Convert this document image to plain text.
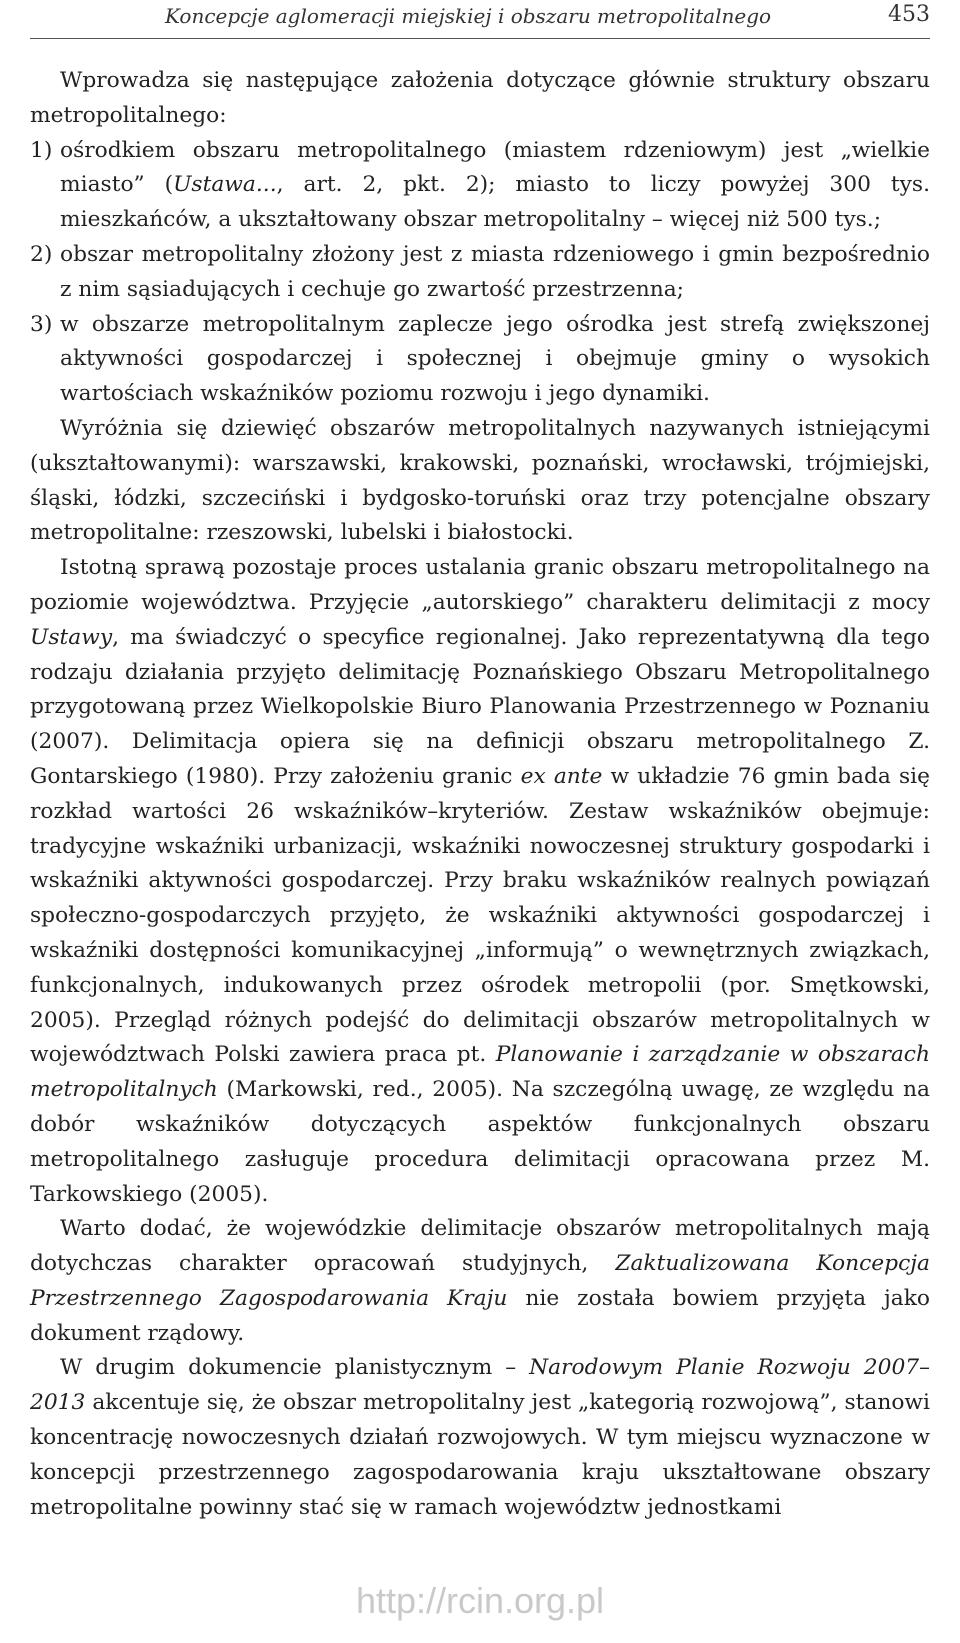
Koncepcje aglomeracji miejskiej i obszaru metropolitalnego	453

Wprowadza się następujące założenia dotyczące głównie struktury obszaru metropolitalnego:

1) ośrodkiem obszaru metropolitalnego (miastem rdzeniowym) jest „wielkie miasto” (Ustawa..., art. 2, pkt. 2); miasto to liczy powyżej 300 tys. mieszkańców, a ukształtowany obszar metropolitalny – więcej niż 500 tys.;
2) obszar metropolitalny złożony jest z miasta rdzeniowego i gmin bezpośrednio z nim sąsiadujących i cechuje go zwartość przestrzenna;
3) w obszarze metropolitalnym zaplecze jego ośrodka jest strefą zwiększonej aktywności gospodarczej i społecznej i obejmuje gminy o wysokich wartościach wskaźników poziomu rozwoju i jego dynamiki.

Wyróżnia się dziewięć obszarów metropolitalnych nazywanych istniejącymi (ukształtowanymi): warszawski, krakowski, poznański, wrocławski, trójmiejski, śląski, łódzki, szczeciński i bydgosko-toruński oraz trzy potencjalne obszary metropolitalne: rzeszowski, lubelski i białostocki.

Istotną sprawą pozostaje proces ustalania granic obszaru metropolitalnego na poziomie województwa. Przyjęcie „autorskiego” charakteru delimitacji z mocy Ustawy, ma świadczyć o specyfice regionalnej. Jako reprezentatywną dla tego rodzaju działania przyjęto delimitację Poznańskiego Obszaru Metropolitalnego przygotowaną przez Wielkopolskie Biuro Planowania Przestrzennego w Poznaniu (2007). Delimitacja opiera się na definicji obszaru metropolitalnego Z. Gontarskiego (1980). Przy założeniu granic ex ante w układzie 76 gmin bada się rozkład wartości 26 wskaźników–kryteriów. Zestaw wskaźników obejmuje: tradycyjne wskaźniki urbanizacji, wskaźniki nowoczesnej struktury gospodarki i wskaźniki aktywności gospodarczej. Przy braku wskaźników realnych powiązań społeczno-gospodarczych przyjęto, że wskaźniki aktywności gospodarczej i wskaźniki dostępności komunikacyjnej „informują” o wewnętrznych związkach, funkcjonalnych, indukowanych przez ośrodek metropolii (por. Smętkowski, 2005). Przegląd różnych podejść do delimitacji obszarów metropolitalnych w województwach Polski zawiera praca pt. Planowanie i zarządzanie w obszarach metropolitalnych (Markowski, red., 2005). Na szczególną uwagę, ze względu na dobór wskaźników dotyczących aspektów funkcjonalnych obszaru metropolitalnego zasługuje procedura delimitacji opracowana przez M. Tarkowskiego (2005).

Warto dodać, że wojewódzkie delimitacje obszarów metropolitalnych mają dotychczas charakter opracowań studyjnych, Zaktualizowana Koncepcja Przestrzennego Zagospodarowania Kraju nie została bowiem przyjęta jako dokument rządowy.

W drugim dokumencie planistycznym – Narodowym Planie Rozwoju 2007–2013 akcentuje się, że obszar metropolitalny jest „kategorią rozwojową”, stanowi koncentrację nowoczesnych działań rozwojowych. W tym miejscu wyznaczone w koncepcji przestrzennego zagospodarowania kraju ukształtowane obszary metropolitalne powinny stać się w ramach województw jednostkami

http://rcin.org.pl
